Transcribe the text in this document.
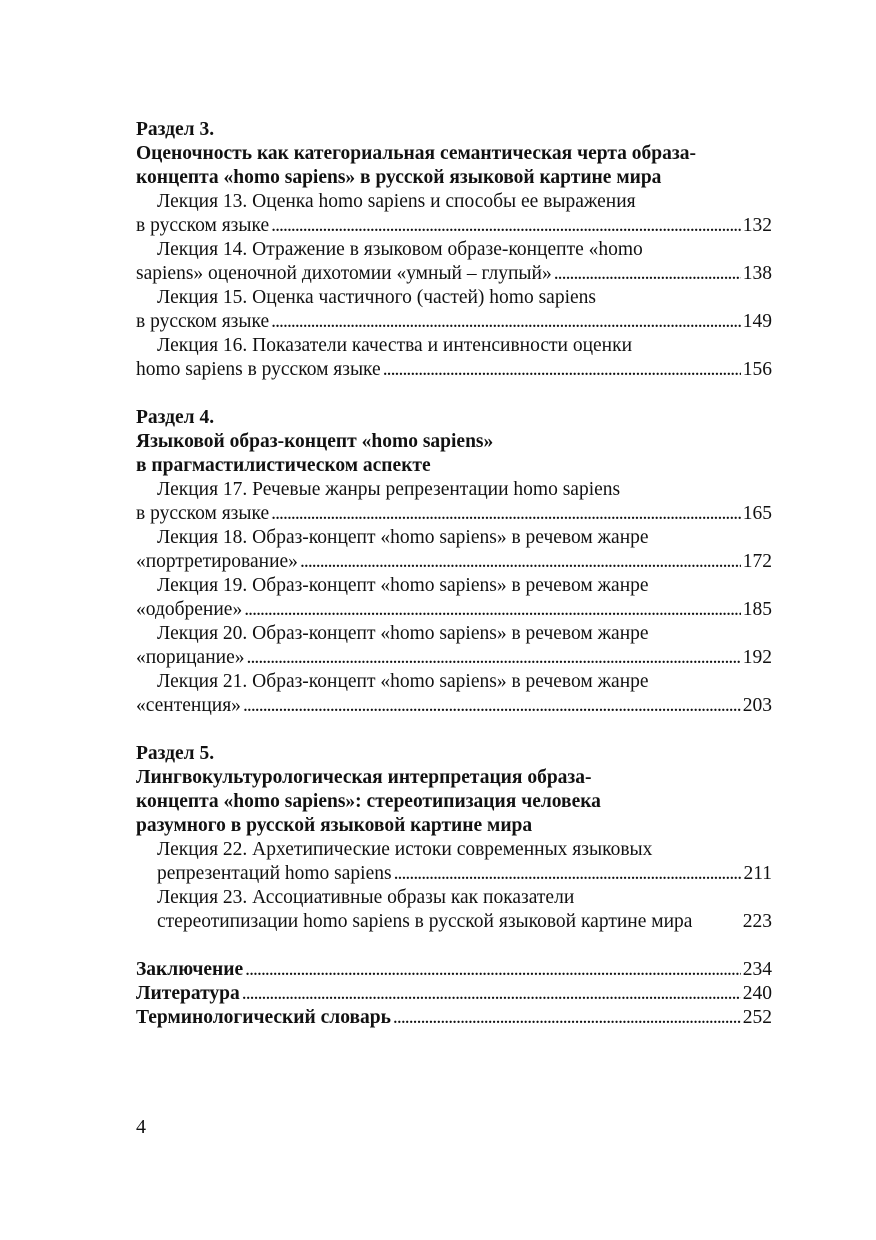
Раздел 3.
Оценочность как категориальная семантическая черта образа-
концепта «homo sapiens» в русской языковой картине мира
Лекция 13. Оценка homo sapiens и способы ее выражения
в русском языке . . .	132
Лекция 14. Отражение в языковом образе-концепте «homo
sapiens» оценочной дихотомии «умный – глупый» . . .	138
Лекция 15. Оценка частичного (частей) homo sapiens
в русском языке . . .	149
Лекция 16. Показатели качества и интенсивности оценки
homo sapiens в русском языке . . .	156
Раздел 4.
Языковой образ-концепт «homo sapiens»
в прагмастилистическом аспекте
Лекция 17. Речевые жанры репрезентации homo sapiens
в русском языке . . .	165
Лекция 18. Образ-концепт «homo sapiens» в речевом жанре
«портретирование» . . .	172
Лекция 19. Образ-концепт «homo sapiens» в речевом жанре
«одобрение» . . .	185
Лекция 20. Образ-концепт «homo sapiens» в речевом жанре
«порицание» . . .	192
Лекция 21. Образ-концепт «homo sapiens» в речевом жанре
«сентенция» . . .	203
Раздел 5.
Лингвокультурологическая интерпретация образа-
концепта «homo sapiens»: стереотипизация человека
разумного в русской языковой картине мира
Лекция 22. Архетипические истоки современных языковых
репрезентаций homo sapiens . . .	211
Лекция 23. Ассоциативные образы как показатели
стереотипизации homo sapiens в русской языковой картине мира	223
Заключение . . .	234
Литература . . .	240
Терминологический словарь . . .	252
4
